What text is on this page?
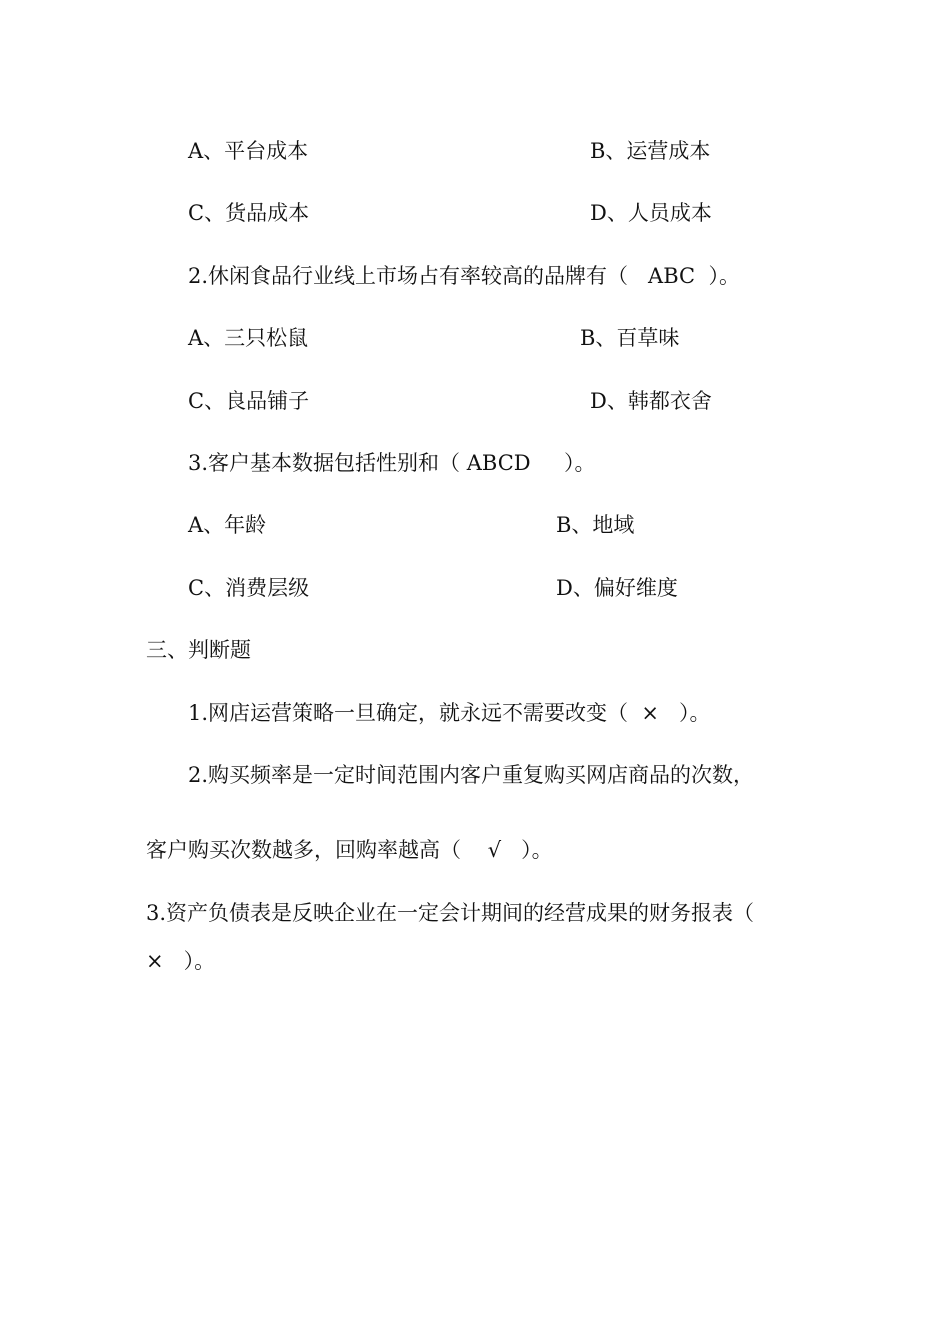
A、平台成本	B、运营成本
C、货品成本	D、人员成本
2.休闲食品行业线上市场占有率较高的品牌有（   ABC  ）。
A、三只松鼠	B、百草味
C、良品铺子	D、韩都衣舍
3.客户基本数据包括性别和（ ABCD     ）。
A、年龄	B、地域
C、消费层级	D、偏好维度
三、判断题
1.网店运营策略一旦确定，就永远不需要改变（  ×   ）。
2.购买频率是一定时间范围内客户重复购买网店商品的次数，
客户购买次数越多，回购率越高（    √   ）。
3.资产负债表是反映企业在一定会计期间的经营成果的财务报表（
×   ）。
